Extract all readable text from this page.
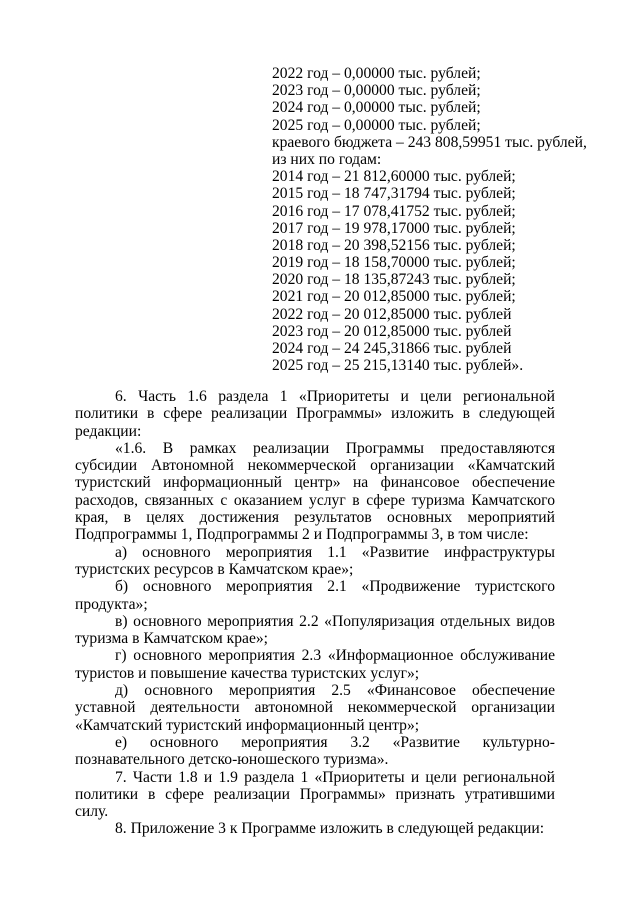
2022 год – 0,00000 тыс. рублей;
2023 год – 0,00000 тыс. рублей;
2024 год – 0,00000 тыс. рублей;
2025 год – 0,00000 тыс. рублей;
краевого бюджета – 243 808,59951 тыс. рублей, из них по годам:
2014 год – 21 812,60000 тыс. рублей;
2015 год – 18 747,31794 тыс. рублей;
2016 год – 17 078,41752 тыс. рублей;
2017 год – 19 978,17000 тыс. рублей;
2018 год – 20 398,52156 тыс. рублей;
2019 год – 18 158,70000 тыс. рублей;
2020 год – 18 135,87243 тыс. рублей;
2021 год – 20 012,85000 тыс. рублей;
2022 год – 20 012,85000 тыс. рублей
2023 год – 20 012,85000 тыс. рублей
2024 год – 24 245,31866 тыс. рублей
2025 год – 25 215,13140 тыс. рублей».

6. Часть 1.6 раздела 1 «Приоритеты и цели региональной политики в сфере реализации Программы» изложить в следующей редакции:

«1.6. В рамках реализации Программы предоставляются субсидии Автономной некоммерческой организации «Камчатский туристский информационный центр» на финансовое обеспечение расходов, связанных с оказанием услуг в сфере туризма Камчатского края, в целях достижения результатов основных мероприятий Подпрограммы 1, Подпрограммы 2 и Подпрограммы 3, в том числе:

а) основного мероприятия 1.1 «Развитие инфраструктуры туристских ресурсов в Камчатском крае»;

б) основного мероприятия 2.1 «Продвижение туристского продукта»;

в) основного мероприятия 2.2 «Популяризация отдельных видов туризма в Камчатском крае»;

г) основного мероприятия 2.3 «Информационное обслуживание туристов и повышение качества туристских услуг»;

д) основного мероприятия 2.5 «Финансовое обеспечение уставной деятельности автономной некоммерческой организации «Камчатский туристский информационный центр»;

е) основного мероприятия 3.2 «Развитие культурно-познавательного детско-юношеского туризма».

7. Части 1.8 и 1.9 раздела 1 «Приоритеты и цели региональной политики в сфере реализации Программы» признать утратившими силу.

8. Приложение 3 к Программе изложить в следующей редакции:
